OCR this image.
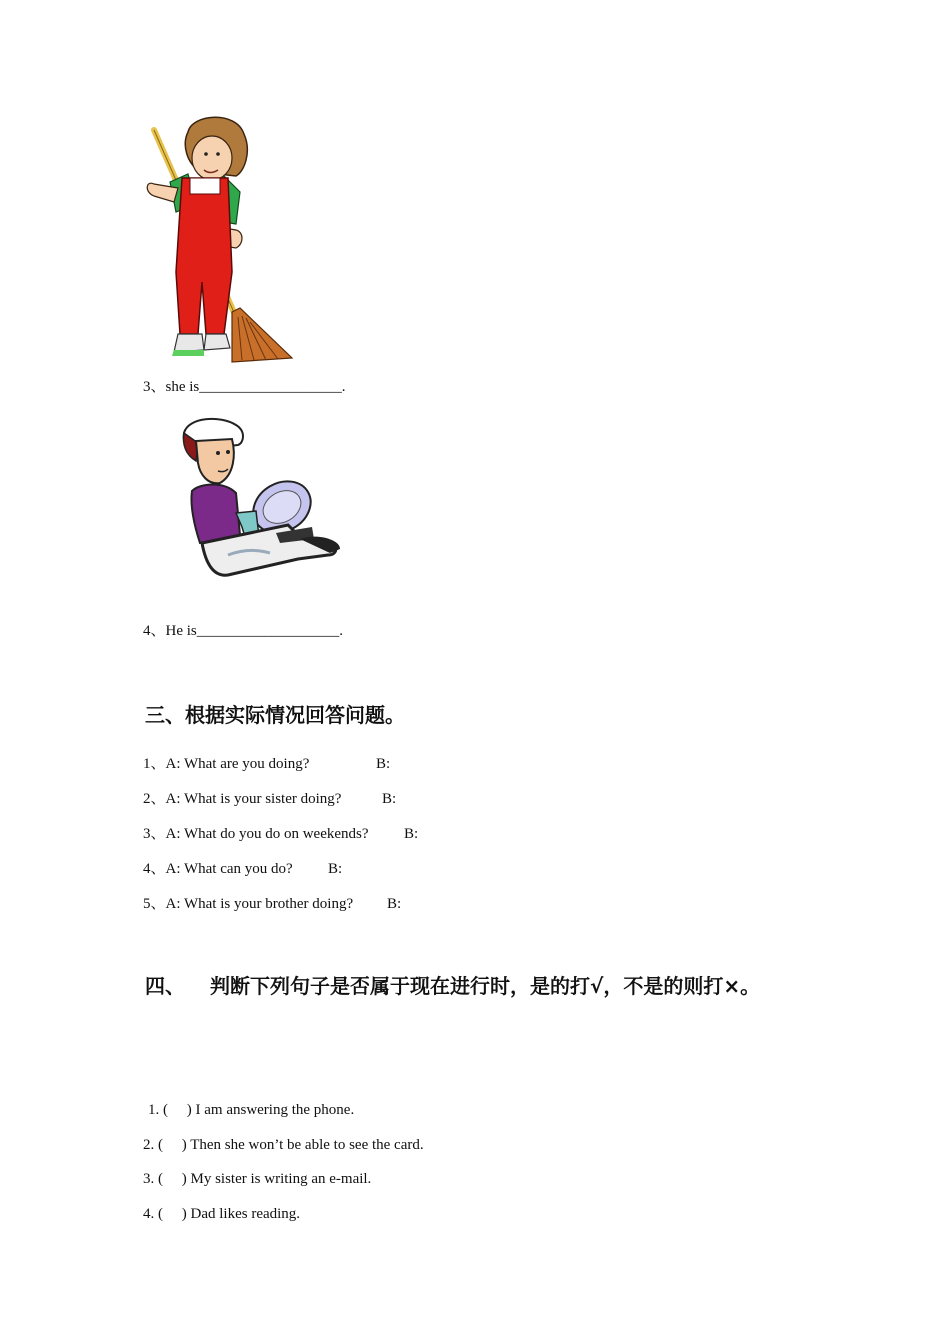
3、she is___________________.
4、He is___________________.
三、根据实际情况回答问题。
1、A: What are you doing?	B:
2、A: What is your sister doing?	B:
3、A: What do you do on weekends? B:
4、A: What can you do? B:
5、A: What is your brother doing? B:
四、 判断下列句子是否属于现在进行时，是的打√，不是的则打×。
1. (     ) I am answering the phone.
2. (     ) Then she won’t be able to see the card.
3. (     ) My sister is writing an e-mail.
4. (     ) Dad likes reading.
